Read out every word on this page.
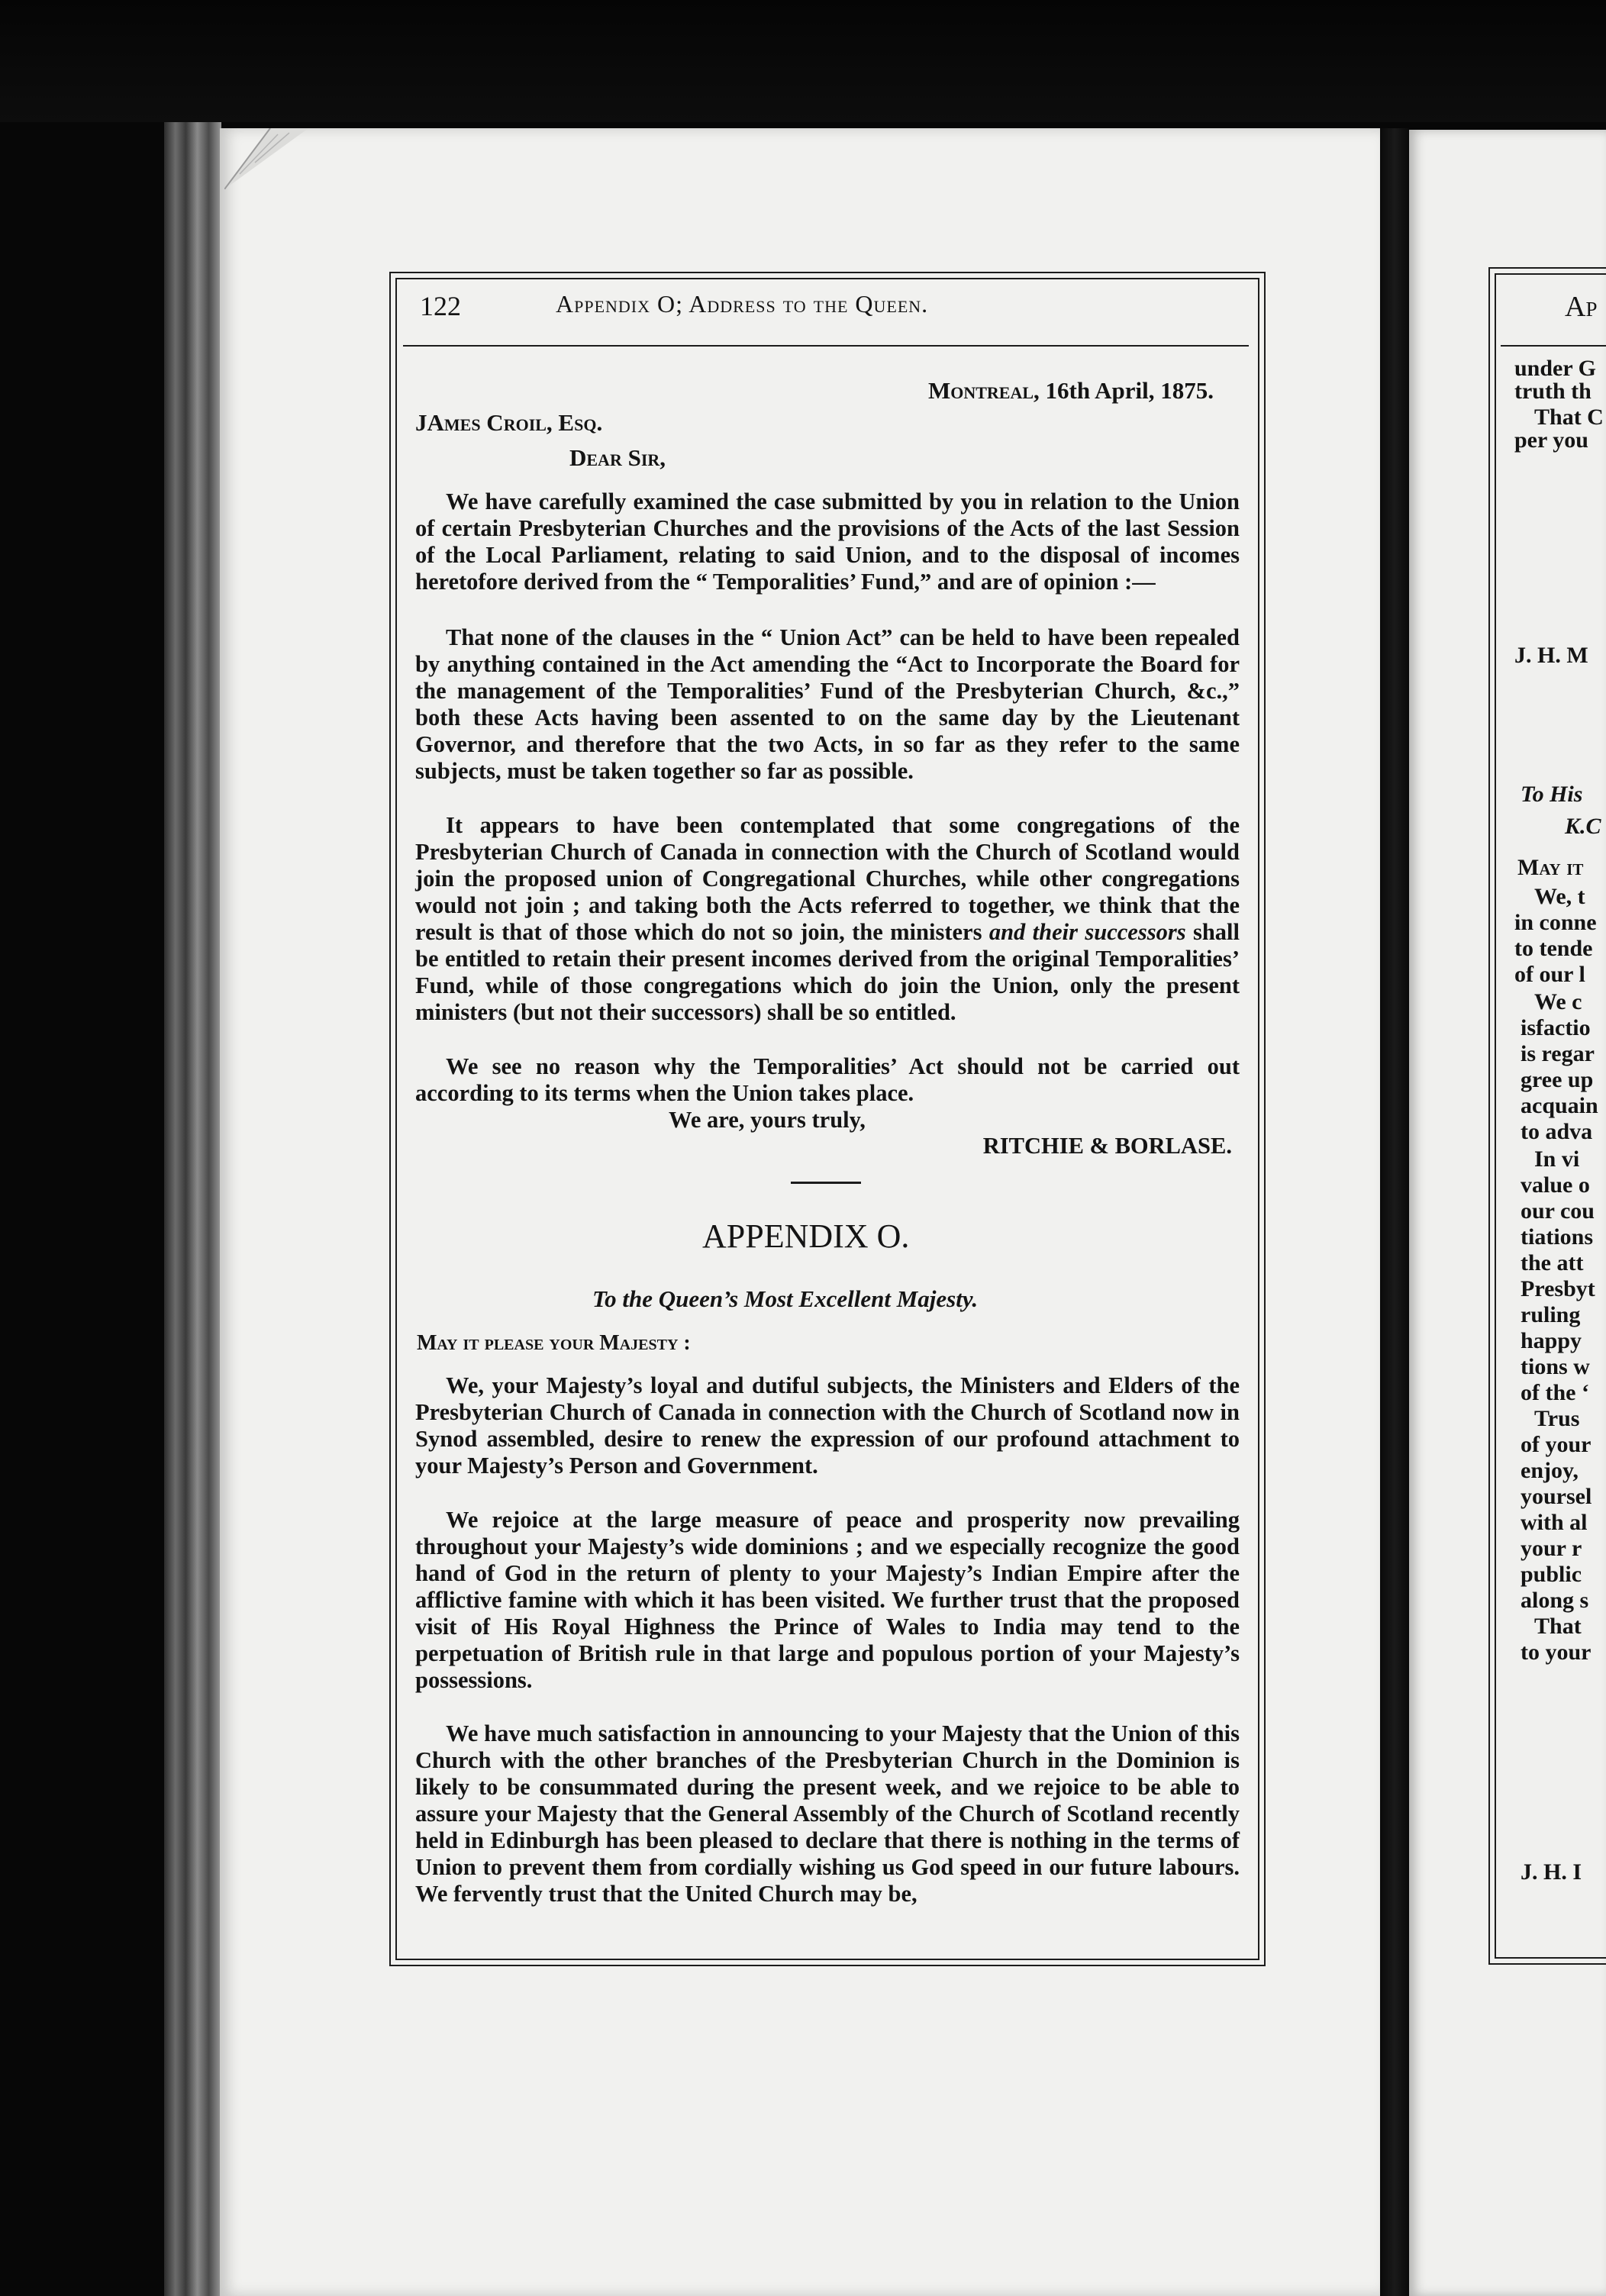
122	Appendix O; Address to the Queen.
Montreal, 16th April, 1875.
JAmes Croil, Esq.
Dear Sir,
We have carefully examined the case submitted by you in relation to the Union of certain Presbyterian Churches and the provisions of the Acts of the last Session of the Local Parliament, relating to said Union, and to the disposal of incomes heretofore derived from the “ Temporalities’ Fund,” and are of opinion :—
That none of the clauses in the “ Union Act” can be held to have been repealed by anything contained in the Act amending the “Act to Incorporate the Board for the management of the Temporalities’ Fund of the Presbyterian Church, &c.,” both these Acts having been assented to on the same day by the Lieutenant Governor, and therefore that the two Acts, in so far as they refer to the same subjects, must be taken together so far as possible.
It appears to have been contemplated that some congregations of the Presbyterian Church of Canada in connection with the Church of Scotland would join the proposed union of Congregational Churches, while other congregations would not join ; and taking both the Acts referred to together, we think that the result is that of those which do not so join, the ministers and their successors shall be entitled to retain their present incomes derived from the original Temporalities’ Fund, while of those congregations which do join the Union, only the present ministers (but not their successors) shall be so entitled.
We see no reason why the Temporalities’ Act should not be carried out according to its terms when the Union takes place.
We are, yours truly,
RITCHIE & BORLASE.
APPENDIX O.
To the Queen’s Most Excellent Majesty.
May it please your Majesty :
We, your Majesty’s loyal and dutiful subjects, the Ministers and Elders of the Presbyterian Church of Canada in connection with the Church of Scotland now in Synod assembled, desire to renew the expression of our profound attachment to your Majesty’s Person and Government.
We rejoice at the large measure of peace and prosperity now prevailing throughout your Majesty’s wide dominions ; and we especially recognize the good hand of God in the return of plenty to your Majesty’s Indian Empire after the afflictive famine with which it has been visited. We further trust that the proposed visit of His Royal Highness the Prince of Wales to India may tend to the perpetuation of British rule in that large and populous portion of your Majesty’s possessions.
We have much satisfaction in announcing to your Majesty that the Union of this Church with the other branches of the Presbyterian Church in the Dominion is likely to be consummated during the present week, and we rejoice to be able to assure your Majesty that the General Assembly of the Church of Scotland recently held in Edinburgh has been pleased to declare that there is nothing in the terms of Union to prevent them from cordially wishing us God speed in our future labours. We fervently trust that the United Church may be,
Ap
under G
truth th
That C
per you
J. H. M
To His
K.C
May it
We, t
in conne
to tende
of our l
We c
isfactio
is regar
gree up
acquain
to adva
In vi
value o
our cou
tiations
the att
Presbyt
ruling
happy
tions w
of the ‘
Trus
of your
enjoy,
yoursel
with al
your r
public
along s
That
to your
J. H. I
